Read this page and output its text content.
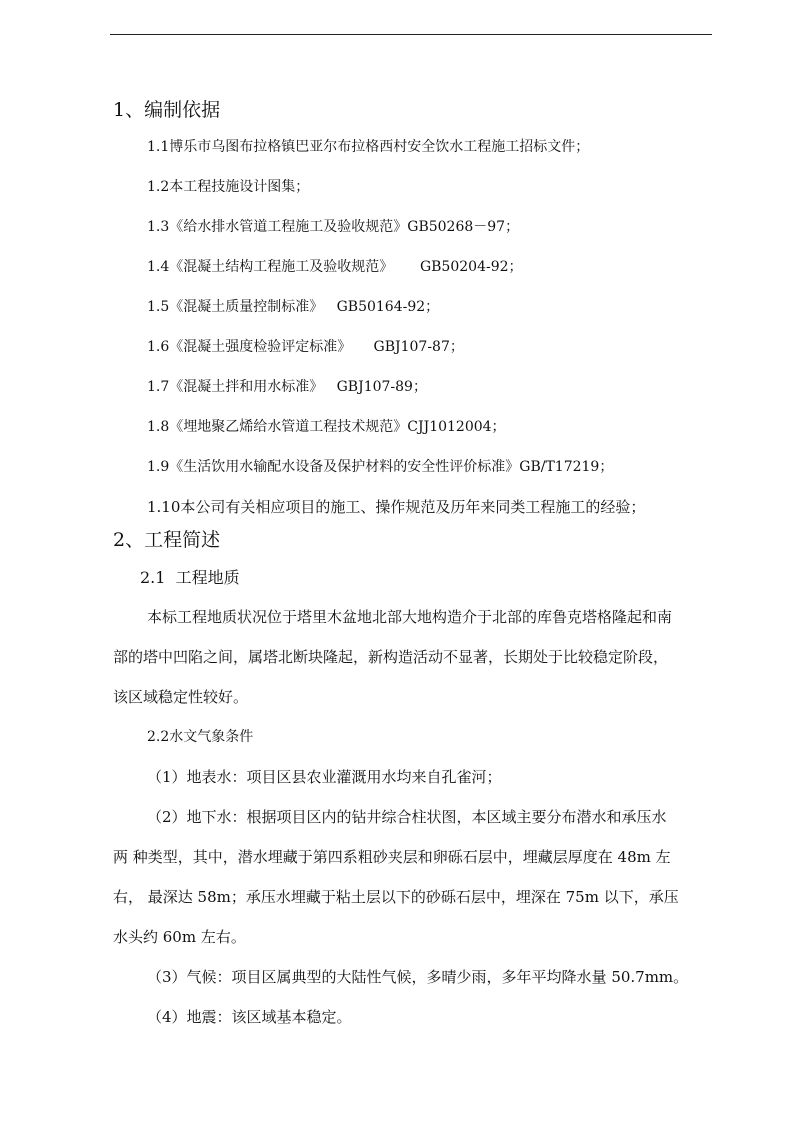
1、编制依据
1.1博乐市乌图布拉格镇巴亚尔布拉格西村安全饮水工程施工招标文件；
1.2本工程技施设计图集；
1.3《给水排水管道工程施工及验收规范》GB50268－97；
1.4《混凝土结构工程施工及验收规范》      GB50204-92；
1.5《混凝土质量控制标准》   GB50164-92；
1.6《混凝土强度检验评定标准》     GBJ107-87；
1.7《混凝土拌和用水标准》   GBJ107-89；
1.8《埋地聚乙烯给水管道工程技术规范》CJJ1012004；
1.9《生活饮用水输配水设备及保护材料的安全性评价标准》GB/T17219；
1.10本公司有关相应项目的施工、操作规范及历年来同类工程施工的经验；
2、工程简述
2.1  工程地质
本标工程地质状况位于塔里木盆地北部大地构造介于北部的库鲁克塔格隆起和南
部的塔中凹陷之间，属塔北断块隆起，新构造活动不显著，长期处于比较稳定阶段，
该区域稳定性较好。
2.2水文气象条件
（1）地表水：项目区县农业灌溉用水均来自孔雀河；
（2）地下水：根据项目区内的钻井综合柱状图，本区域主要分布潜水和承压水
两 种类型，其中，潜水埋藏于第四系粗砂夹层和卵砾石层中，埋藏层厚度在 48m 左
右， 最深达 58m；承压水埋藏于粘土层以下的砂砾石层中，埋深在 75m 以下，承压
水头约 60m 左右。
（3）气候：项目区属典型的大陆性气候，多晴少雨，多年平均降水量 50.7mm。
（4）地震：该区域基本稳定。
